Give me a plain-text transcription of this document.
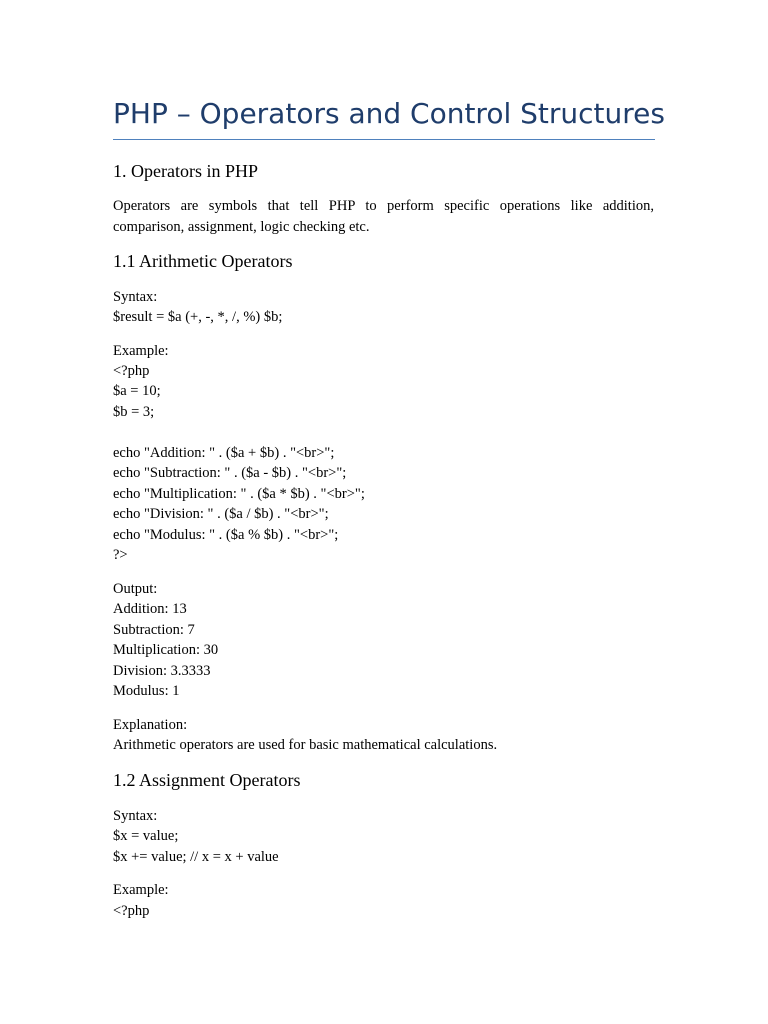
PHP – Operators and Control Structures
1. Operators in PHP
Operators are symbols that tell PHP to perform specific operations like addition,
comparison, assignment, logic checking etc.
1.1 Arithmetic Operators
Syntax:
$result = $a (+, -, *, /, %) $b;
Example:
<?php
$a = 10;
$b = 3;
echo "Addition: " . ($a + $b) . "<br>";
echo "Subtraction: " . ($a - $b) . "<br>";
echo "Multiplication: " . ($a * $b) . "<br>";
echo "Division: " . ($a / $b) . "<br>";
echo "Modulus: " . ($a % $b) . "<br>";
?>
Output:
Addition: 13
Subtraction: 7
Multiplication: 30
Division: 3.3333
Modulus: 1
Explanation:
Arithmetic operators are used for basic mathematical calculations.
1.2 Assignment Operators
Syntax:
$x = value;
$x += value; // x = x + value
Example:
<?php
